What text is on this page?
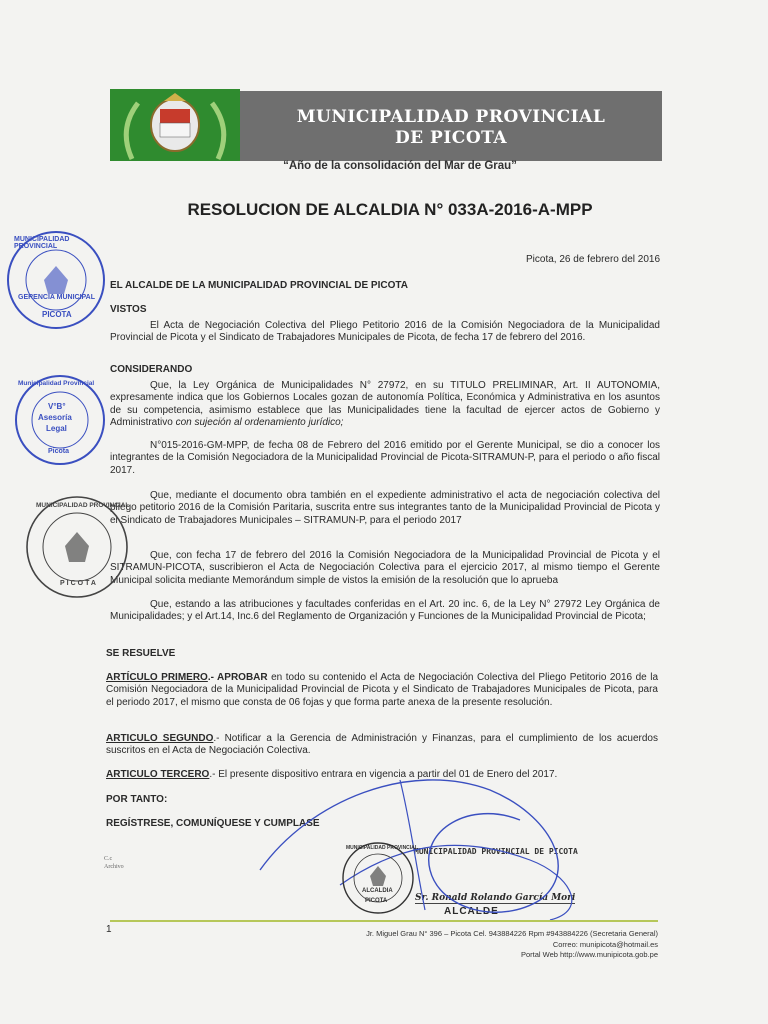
MUNICIPALIDAD PROVINCIAL
DE PICOTA
“Año de la consolidación del Mar de Grau”
RESOLUCION DE ALCALDIA N° 033A-2016-A-MPP
Picota, 26 de febrero del 2016
EL ALCALDE DE LA MUNICIPALIDAD PROVINCIAL DE PICOTA
VISTOS
El Acta de Negociación Colectiva del Pliego Petitorio 2016 de la Comisión Negociadora de la Municipalidad Provincial de Picota y el Sindicato de Trabajadores Municipales de Picota, de fecha 17 de febrero del 2016.
CONSIDERANDO
Que, la Ley Orgánica de Municipalidades N° 27972, en su TITULO PRELIMINAR, Art. II AUTONOMIA, expresamente indica que los Gobiernos Locales gozan de autonomía Política, Económica y Administrativa en los asuntos de su competencia, asimismo establece que las Municipalidades tiene la facultad de ejercer actos de Gobierno y Administrativo con sujeción al ordenamiento jurídico;
N°015-2016-GM-MPP, de fecha 08 de Febrero del 2016 emitido por el Gerente Municipal, se dio a conocer los integrantes de la Comisión Negociadora de la Municipalidad Provincial de Picota-SITRAMUN-P, para el periodo o año fiscal 2017.
Que, mediante el documento obra también en el expediente administrativo el acta de negociación colectiva del pliego petitorio 2016 de la Comisión Paritaria, suscrita entre sus integrantes tanto de la Municipalidad Provincial de Picota y el Sindicato de Trabajadores Municipales – SITRAMUN-P, para el periodo 2017
Que, con fecha 17 de febrero del 2016 la Comisión Negociadora de la Municipalidad Provincial de Picota y el SITRAMUN-PICOTA, suscribieron el Acta de Negociación Colectiva para el ejercicio 2017, al mismo tiempo el Gerente Municipal solicita mediante Memorándum simple de vistos la emisión de la resolución que lo aprueba
Que, estando a las atribuciones y facultades conferidas en el Art. 20 inc. 6, de la Ley N° 27972 Ley Orgánica de Municipalidades; y el Art.14, Inc.6 del Reglamento de Organización y Funciones de la Municipalidad Provincial de Picota;
SE RESUELVE
ARTÍCULO PRIMERO.- APROBAR en todo su contenido el Acta de Negociación Colectiva del Pliego Petitorio 2016 de la Comisión Negociadora de la Municipalidad Provincial de Picota y el Sindicato de Trabajadores Municipales de Picota, para el periodo 2017, el mismo que consta de 06 fojas y que forma parte anexa de la presente resolución.
ARTICULO SEGUNDO.- Notificar a la Gerencia de Administración y Finanzas, para el cumplimiento de los acuerdos suscritos en el Acta de Negociación Colectiva.
ARTICULO TERCERO.- El presente dispositivo entrara en vigencia a partir del 01 de Enero del 2017.
POR TANTO:
REGÍSTRESE, COMUNÍQUESE Y CUMPLASE
C.c
Archivo
MUNICIPALIDAD PROVINCIAL DE PICOTA
Sr. Ronald Rolando García Mori
ALCALDE
MUNICIPALIDAD PROVINCIAL
GERENCIA MUNICIPAL
PICOTA
Municipalidad Provincial
V°B°
Asesoría
Legal
Picota
MUNICIPALIDAD PROVINCIAL
PICOTA
MUNICIPALIDAD PROVINCIAL
ALCALDIA
PICOTA
1	Jr. Miguel Grau N° 396 – Picota Cel. 943884226 Rpm #943884226 (Secretaria General)
Correo: munipicota@hotmail.es
Portal Web http://www.munipicota.gob.pe
